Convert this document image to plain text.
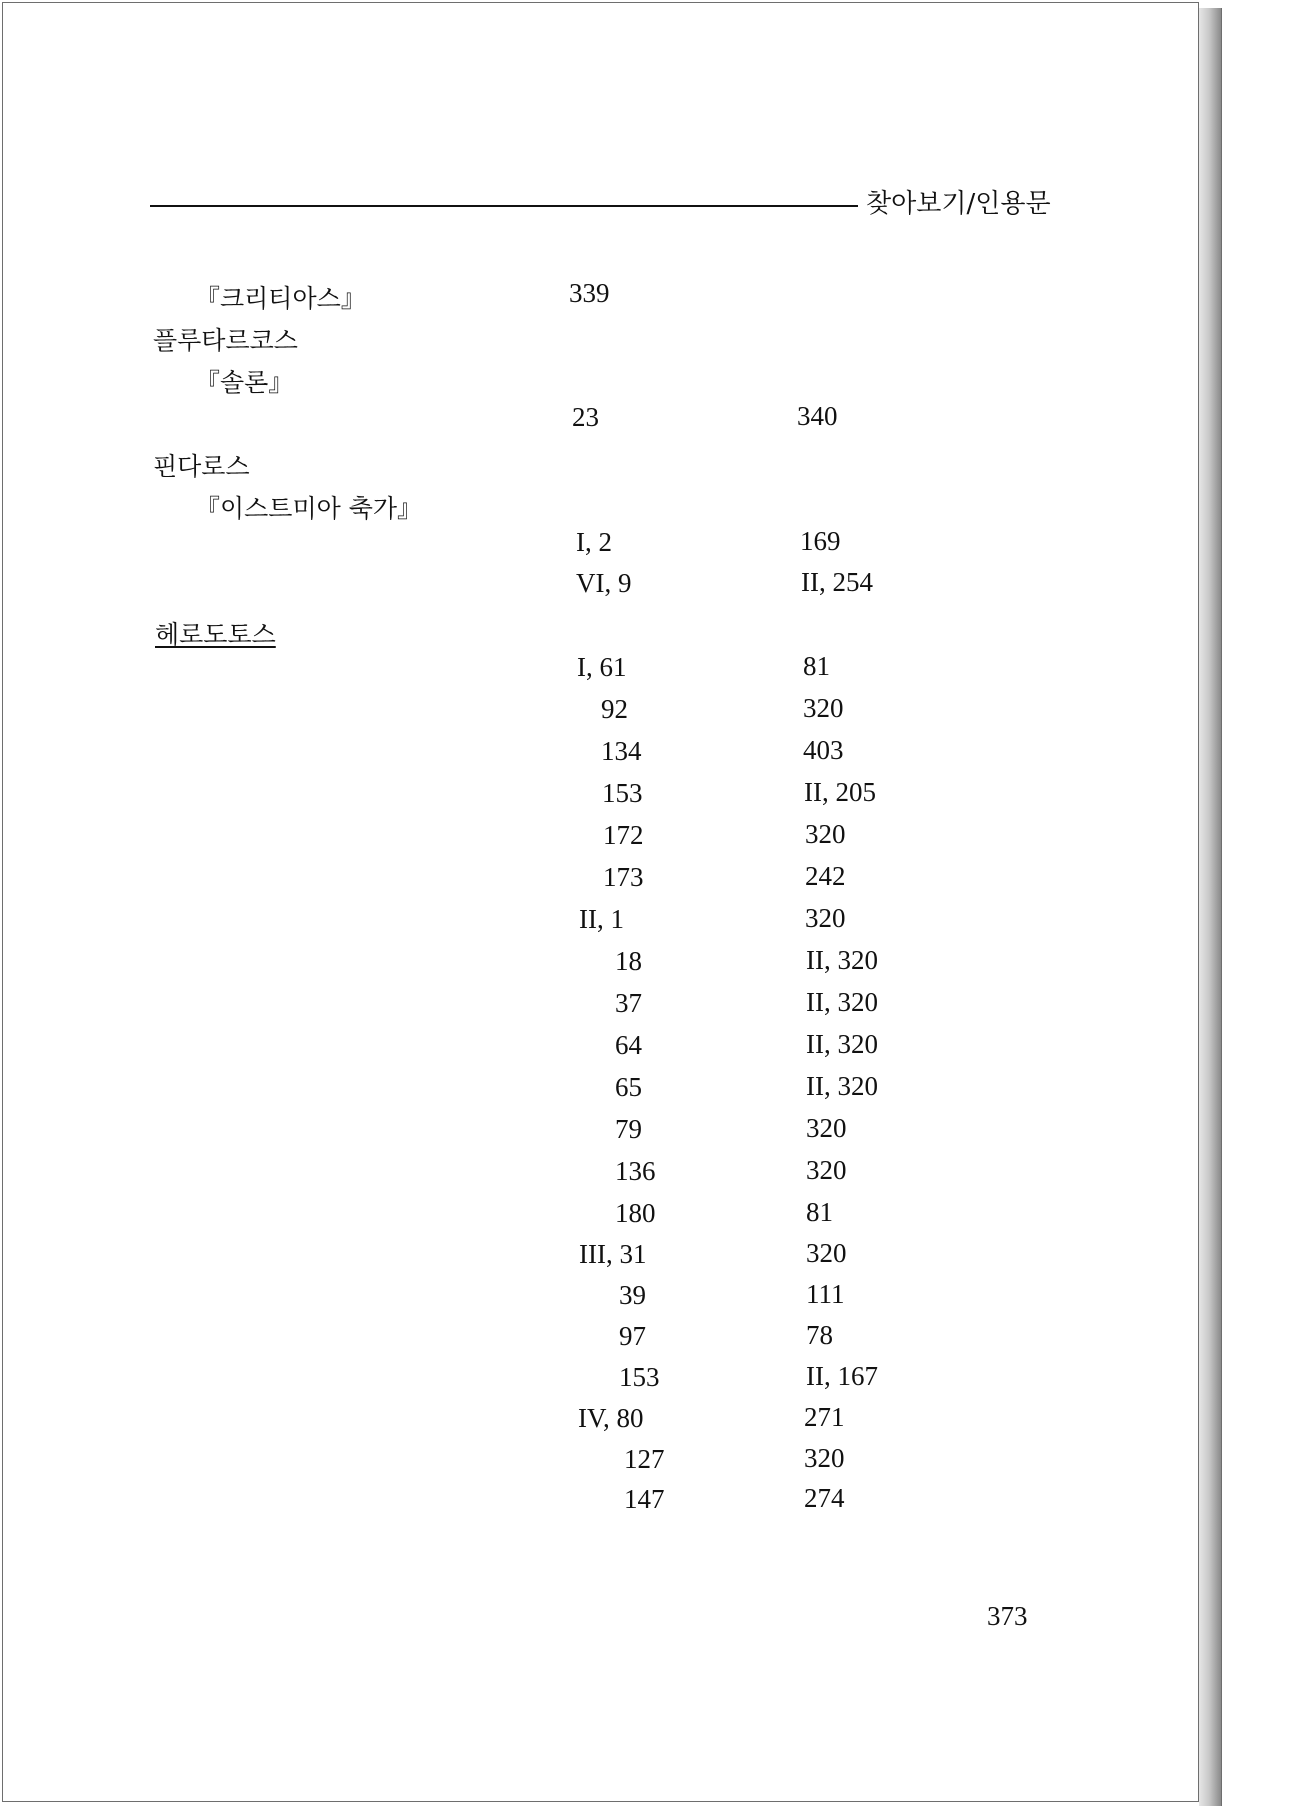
찾아보기/인용문
『크리티아스』	339
플루타르코스
『솔론』
23	340
핀다로스
『이스트미아 축가』
I, 2	169
VI, 9	II, 254
헤로도토스
I, 61	81
92	320
134	403
153	II, 205
172	320
173	242
II, 1	320
18	II, 320
37	II, 320
64	II, 320
65	II, 320
79	320
136	320
180	81
III, 31	320
39	111
97	78
153	II, 167
IV, 80	271
127	320
147	274
373
